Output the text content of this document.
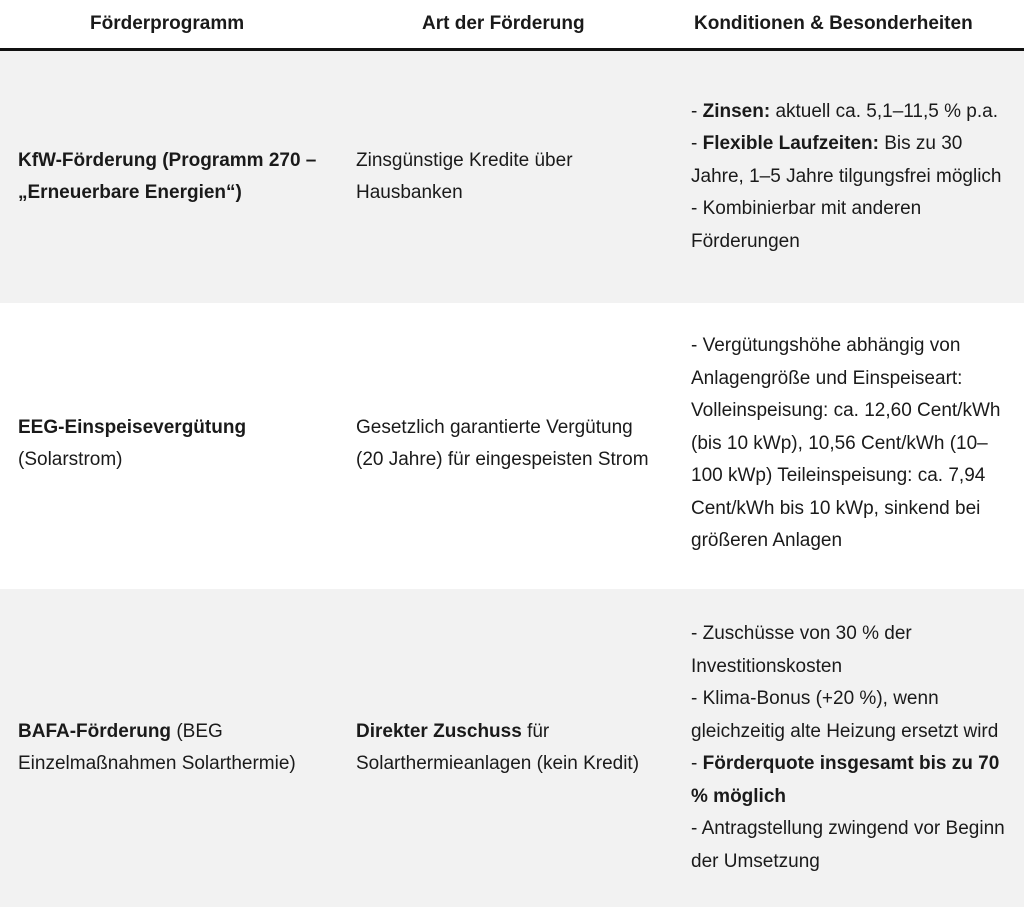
Förderprogramm	Art der Förderung	Konditionen & Besonderheiten
KfW-Förderung (Programm 270 – „Erneuerbare Energien“)	Zinsgünstige Kredite über Hausbanken	- Zinsen: aktuell ca. 5,1–11,5 % p.a.
- Flexible Laufzeiten: Bis zu 30 Jahre, 1–5 Jahre tilgungsfrei möglich
- Kombinierbar mit anderen Förderungen

EEG-Einspeisevergütung (Solarstrom)	Gesetzlich garantierte Vergütung (20 Jahre) für eingespeisten Strom	- Vergütungshöhe abhängig von Anlagengröße und Einspeiseart: Volleinspeisung: ca. 12,60 Cent/kWh (bis 10 kWp), 10,56 Cent/kWh (10–100 kWp) Teileinspeisung: ca. 7,94 Cent/kWh bis 10 kWp, sinkend bei größeren Anlagen

BAFA-Förderung (BEG Einzelmaßnahmen Solarthermie)	Direkter Zuschuss für Solarthermieanlagen (kein Kredit)	- Zuschüsse von 30 % der Investitionskosten
- Klima-Bonus (+20 %), wenn gleichzeitig alte Heizung ersetzt wird
- Förderquote insgesamt bis zu 70 % möglich
- Antragstellung zwingend vor Beginn der Umsetzung
